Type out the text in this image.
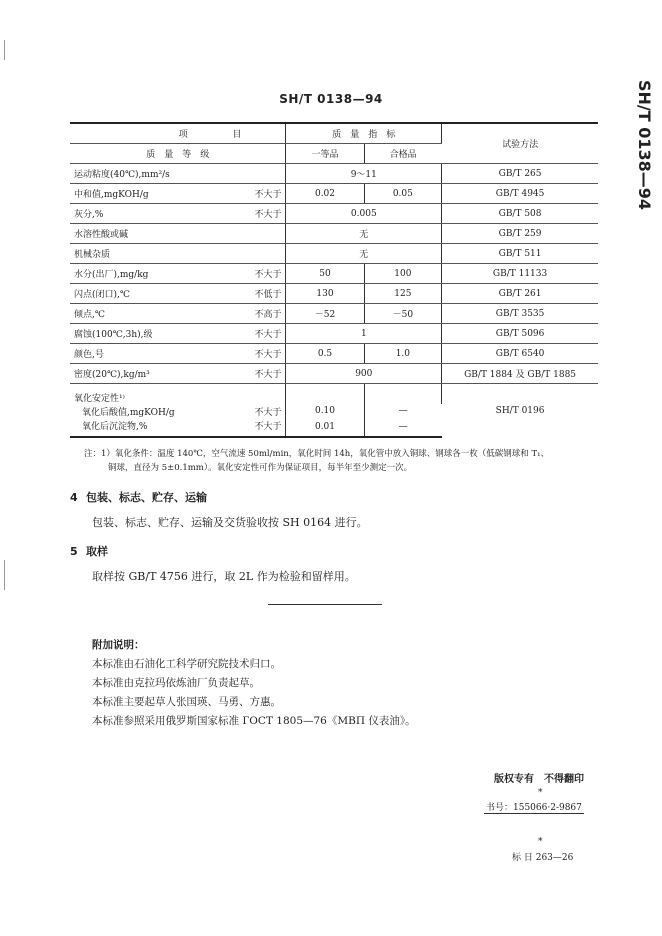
SH/T 0138—94	SH/T 0138—94
项 目	质　量　指　标		试验方法
质　量　等　级	一等品	合格品	
运动粘度(40℃),mm²/s	9～11		GB/T 265
中和值,mgKOH/g 不大于	0.02	0.05	GB/T 4945
灰分,% 不大于	0.005		GB/T 508
水溶性酸或碱	无		GB/T 259
机械杂质	无		GB/T 511
水分(出厂),mg/kg 不大于	50	100	GB/T 11133
闪点(闭口),℃ 不低于	130	125	GB/T 261
倾点,℃ 不高于	－52	－50	GB/T 3535
腐蚀(100℃,3h),级 不大于	1		GB/T 5096
颜色,号 不大于	0.5	1.0	GB/T 6540
密度(20℃),kg/m³ 不大于	900		GB/T 1884 及 GB/T 1885
氧化安定性¹⁾			SH/T 0196
氧化后酸值,mgKOH/g 不大于	0.10	—	
氧化后沉淀物,% 不大于	0.01	—	
注：1）氧化条件：温度 140℃，空气流速 50ml/min，氧化时间 14h，氧化管中放入铜球、钢球各一枚（低碳钢球和 T₁、
铜球，直径为 5±0.1mm）。氧化安定性可作为保证项目，每半年至少测定一次。
4 包装、标志、贮存、运输
包装、标志、贮存、运输及交货验收按 SH 0164 进行。
5 取样
取样按 GB/T 4756 进行，取 2L 作为检验和留样用。
附加说明：
本标准由石油化工科学研究院技术归口。
本标准由克拉玛依炼油厂负责起草。
本标准主要起草人张国瑛、马勇、方惠。
本标准参照采用俄罗斯国家标准 ГОСТ 1805—76《МВП 仪表油》。
版权专有　不得翻印
*
书号：155066·2-9867
*
标 日 263—26
